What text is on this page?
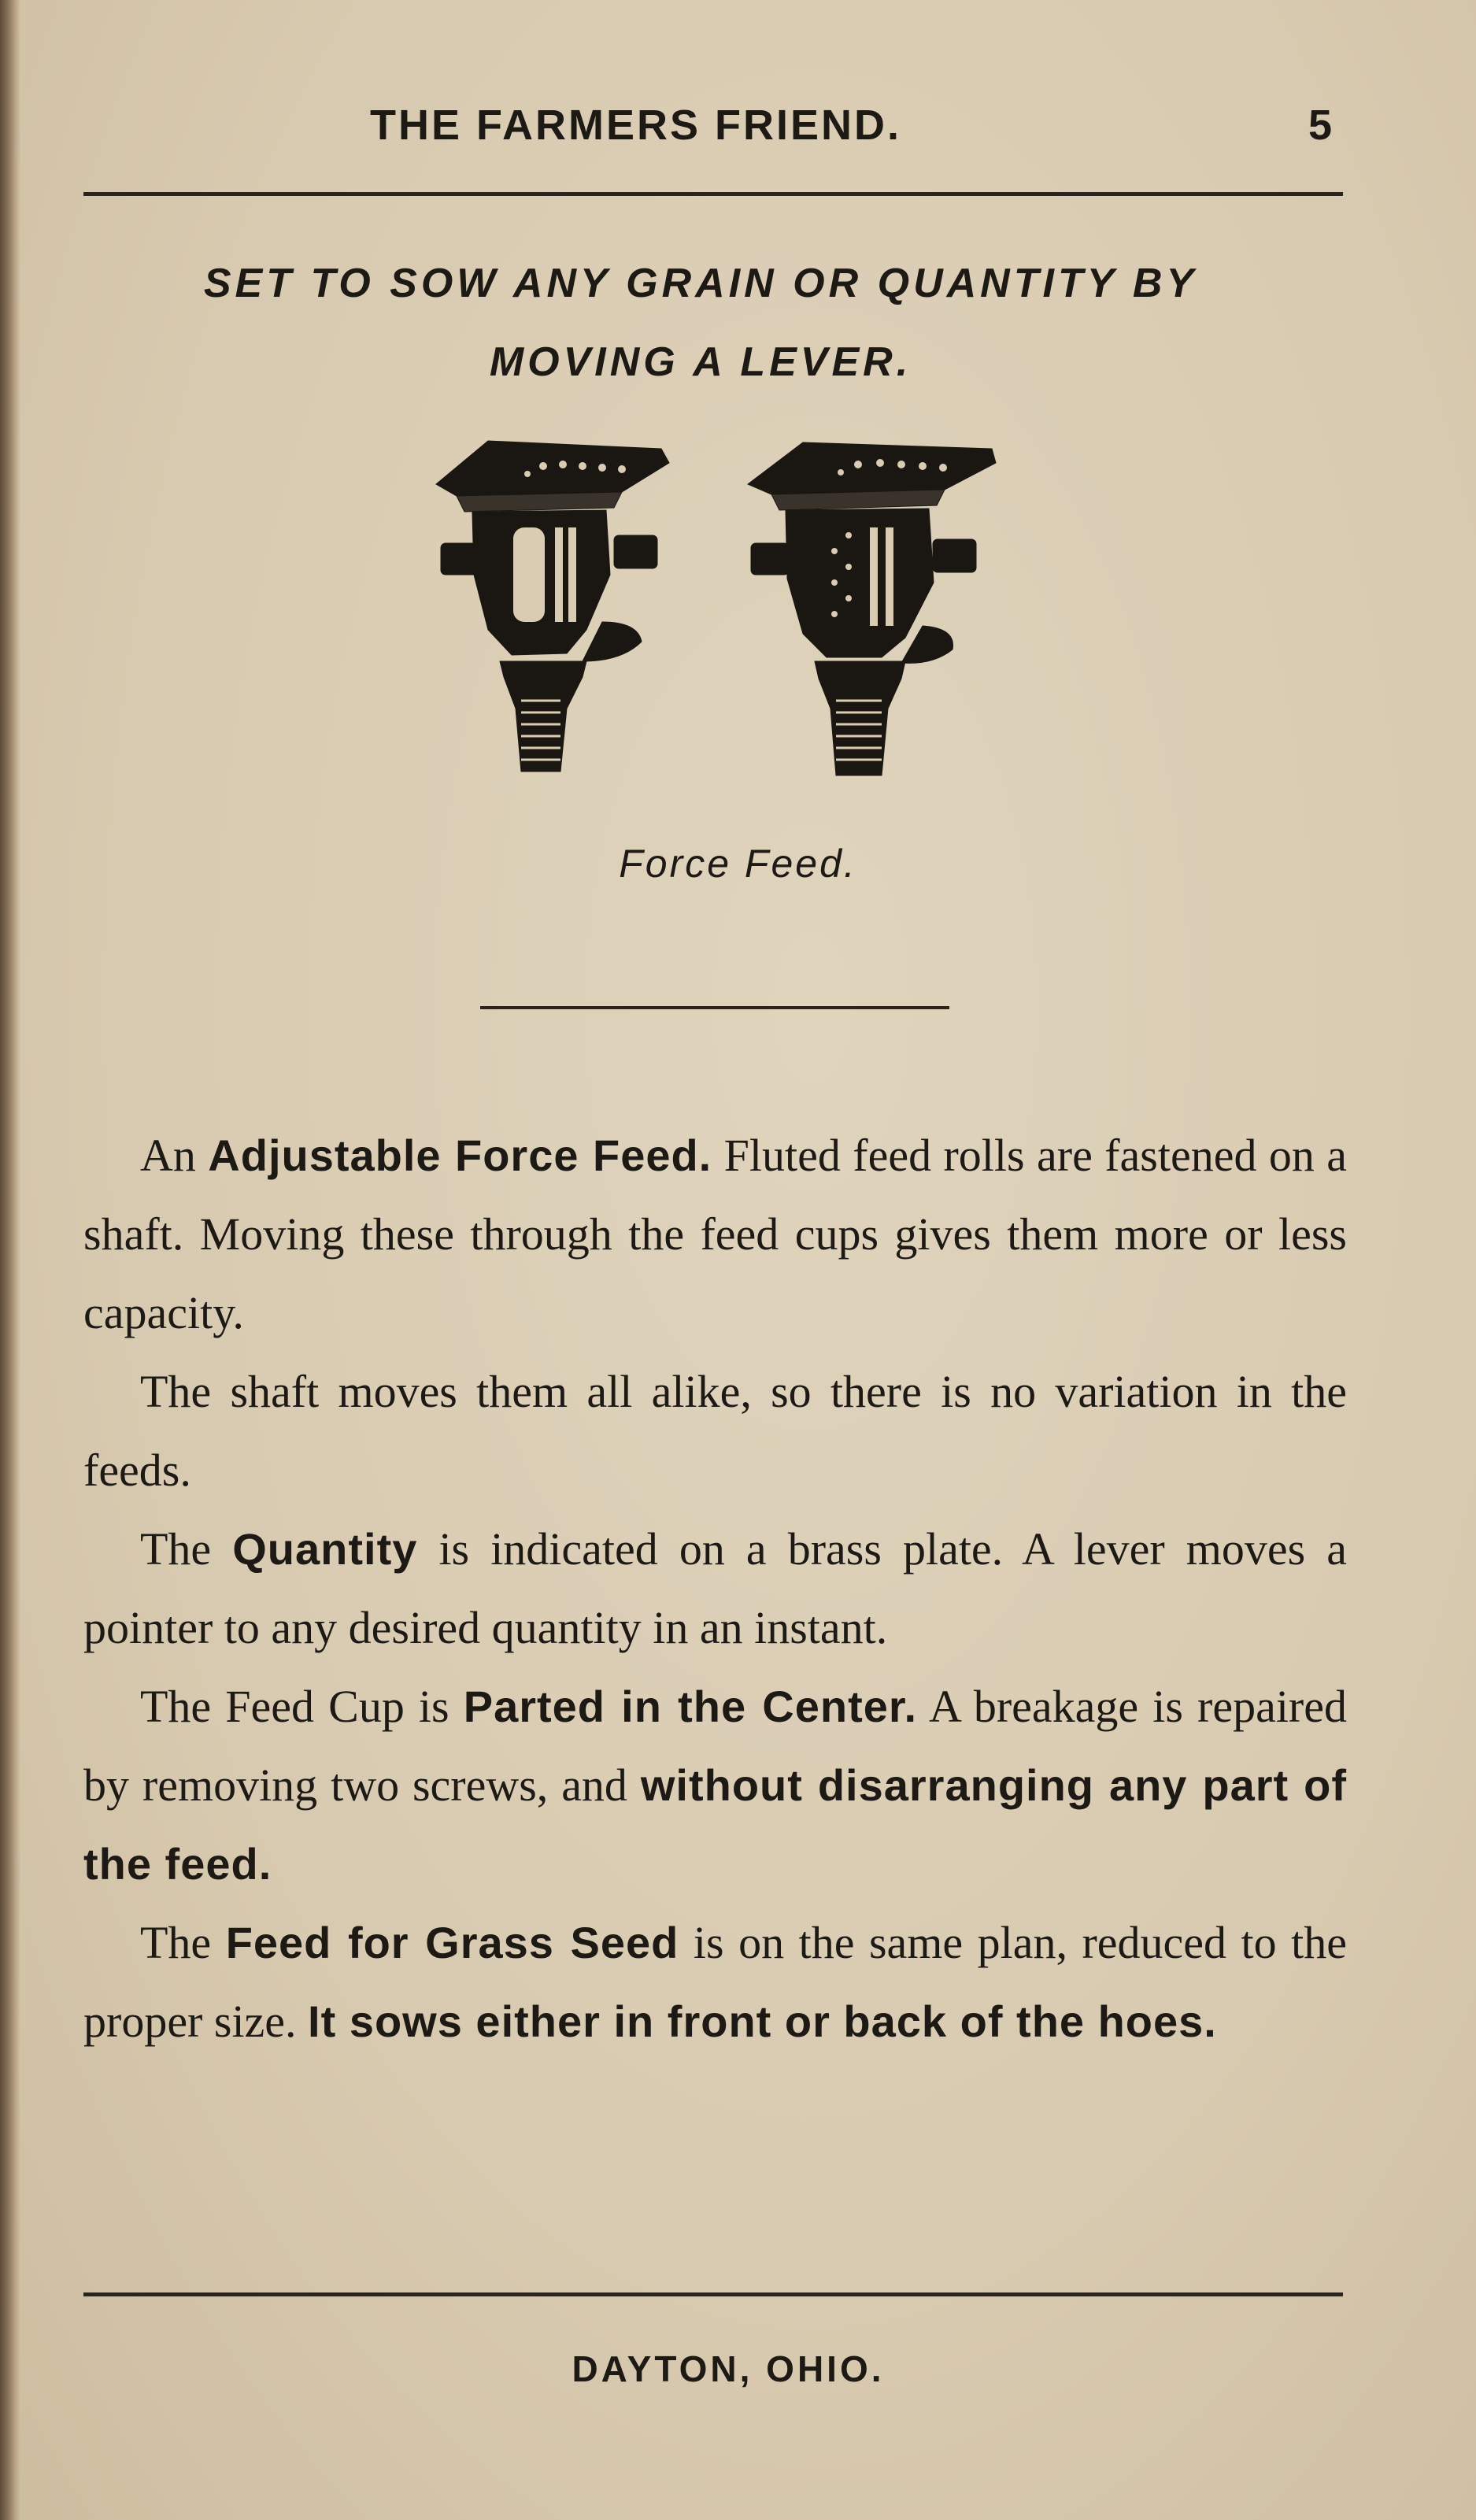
THE FARMERS FRIEND.	5
SET TO SOW ANY GRAIN OR QUANTITY BY
MOVING A LEVER.
Force Feed.

An Adjustable Force Feed. Fluted feed rolls are fastened on a shaft. Moving these through the feed cups gives them more or less capacity.

The shaft moves them all alike, so there is no variation in the feeds.

The Quantity is indicated on a brass plate. A lever moves a pointer to any desired quantity in an instant.

The Feed Cup is Parted in the Center. A breakage is repaired by removing two screws, and without disarranging any part of the feed.

The Feed for Grass Seed is on the same plan, reduced to the proper size. It sows either in front or back of the hoes.

DAYTON, OHIO.
